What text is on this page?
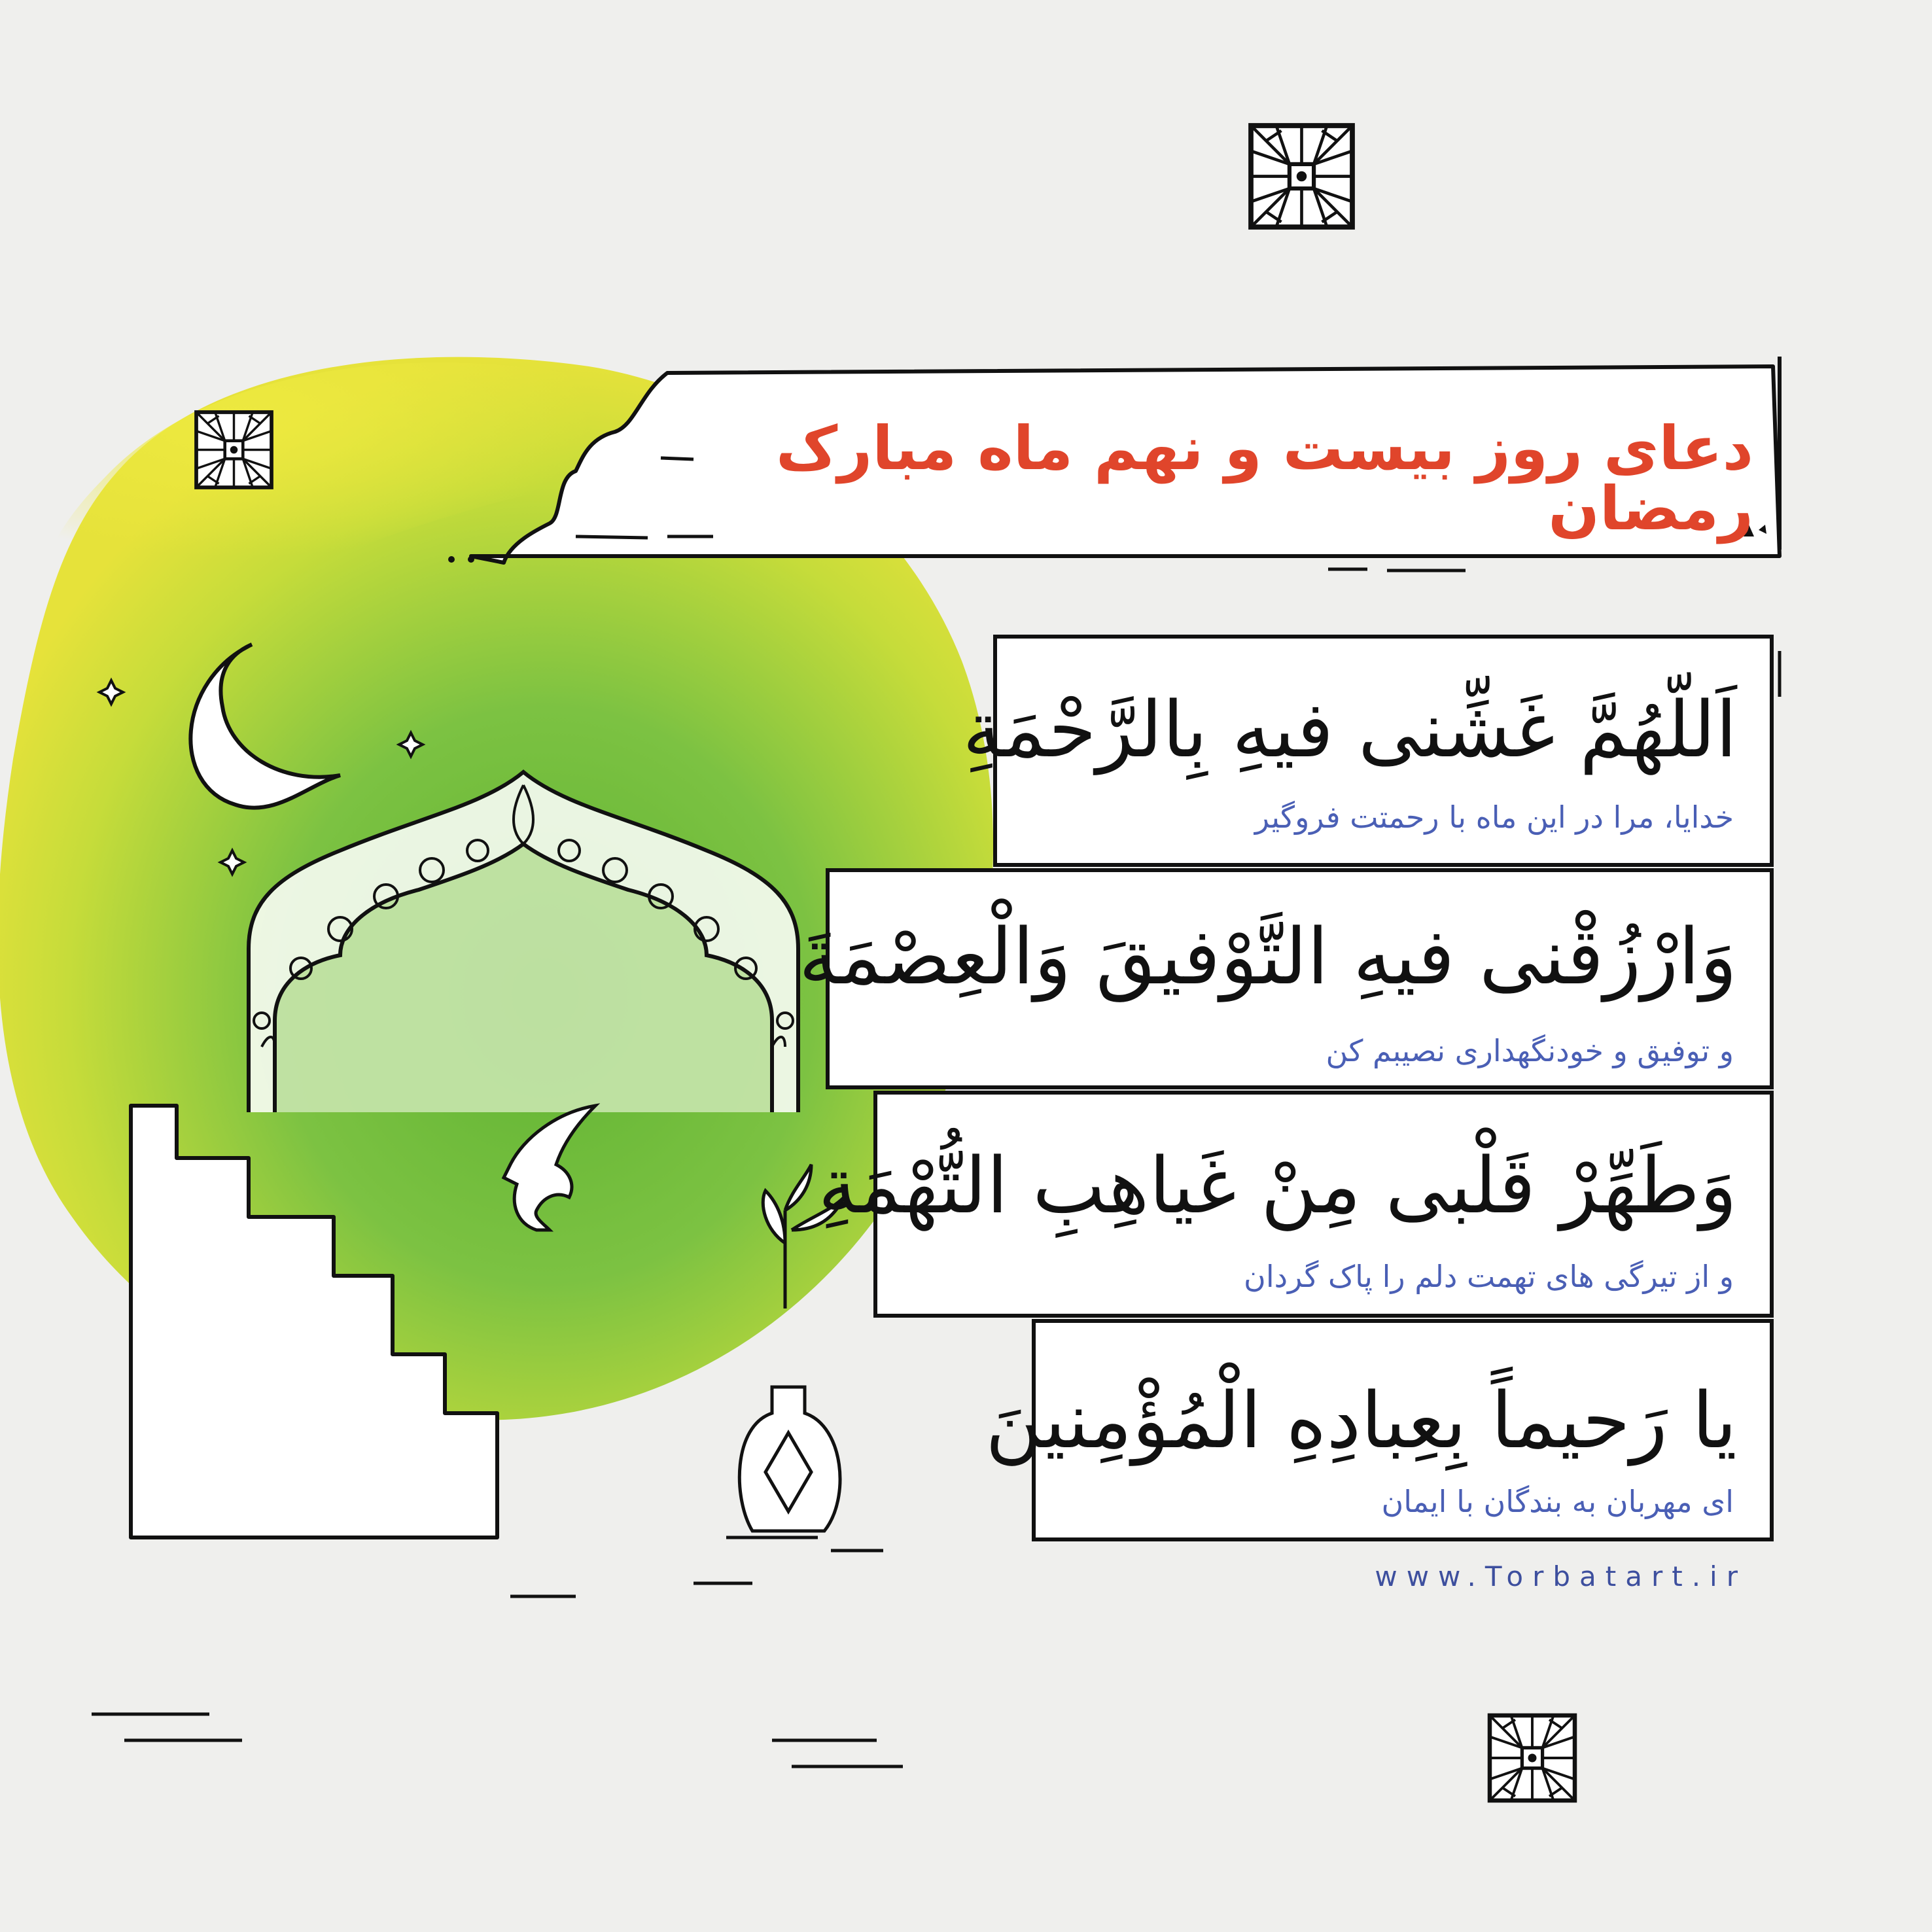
دعای روز بیست و نهم ماه مبارک رمضان
اَللّهُمَّ غَشِّنی فیهِ بِالرَّحْمَةِ
خدایا، مرا در این ماه با رحمتت فروگیر
وَارْزُقْنی فیهِ التَّوْفیقَ وَالْعِصْمَةَ
و توفیق و خودنگهداری نصیبم کن
وَطَهِّرْ قَلْبی مِنْ غَیاهِبِ التُّهْمَةِ
و از تیرگی های تهمت دلم را پاک گردان
یا رَحیماً بِعِبادِهِ الْمُؤْمِنینَ
ای مهربان به بندگان با ایمان
www.Torbatart.ir
